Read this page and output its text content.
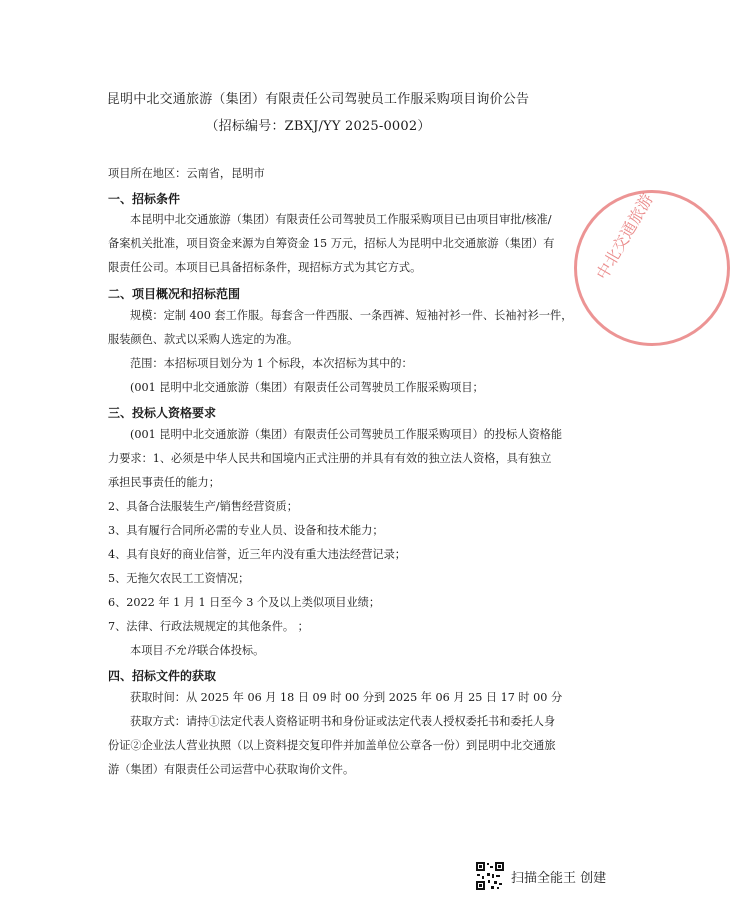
昆明中北交通旅游（集团）有限责任公司驾驶员工作服采购项目询价公告
（招标编号：ZBXJ/YY 2025-0002）
项目所在地区：云南省，昆明市
一、招标条件
本昆明中北交通旅游（集团）有限责任公司驾驶员工作服采购项目已由项目审批/核准/
备案机关批准，项目资金来源为自筹资金 15 万元，招标人为昆明中北交通旅游（集团）有
限责任公司。本项目已具备招标条件，现招标方式为其它方式。
二、项目概况和招标范围
规模：定制 400 套工作服。每套含一件西服、一条西裤、短袖衬衫一件、长袖衬衫一件，
服装颜色、款式以采购人选定的为准。
范围：本招标项目划分为 1 个标段，本次招标为其中的：
(001 昆明中北交通旅游（集团）有限责任公司驾驶员工作服采购项目；
三、投标人资格要求
(001 昆明中北交通旅游（集团）有限责任公司驾驶员工作服采购项目）的投标人资格能
力要求：1、必须是中华人民共和国境内正式注册的并具有有效的独立法人资格，具有独立
承担民事责任的能力；
2、具备合法服装生产/销售经营资质；
3、具有履行合同所必需的专业人员、设备和技术能力；
4、具有良好的商业信誉，近三年内没有重大违法经营记录；
5、无拖欠农民工工资情况；
6、2022 年 1 月 1 日至今 3 个及以上类似项目业绩；
7、法律、行政法规规定的其他条件。 ；
本项目不允许联合体投标。
四、招标文件的获取
获取时间：从 2025 年 06 月 18 日 09 时 00 分到 2025 年 06 月 25 日 17 时 00 分
获取方式：请持①法定代表人资格证明书和身份证或法定代表人授权委托书和委托人身
份证②企业法人营业执照（以上资料提交复印件并加盖单位公章各一份）到昆明中北交通旅
游（集团）有限责任公司运营中心获取询价文件。
中北交通旅游
扫描全能王 创建
